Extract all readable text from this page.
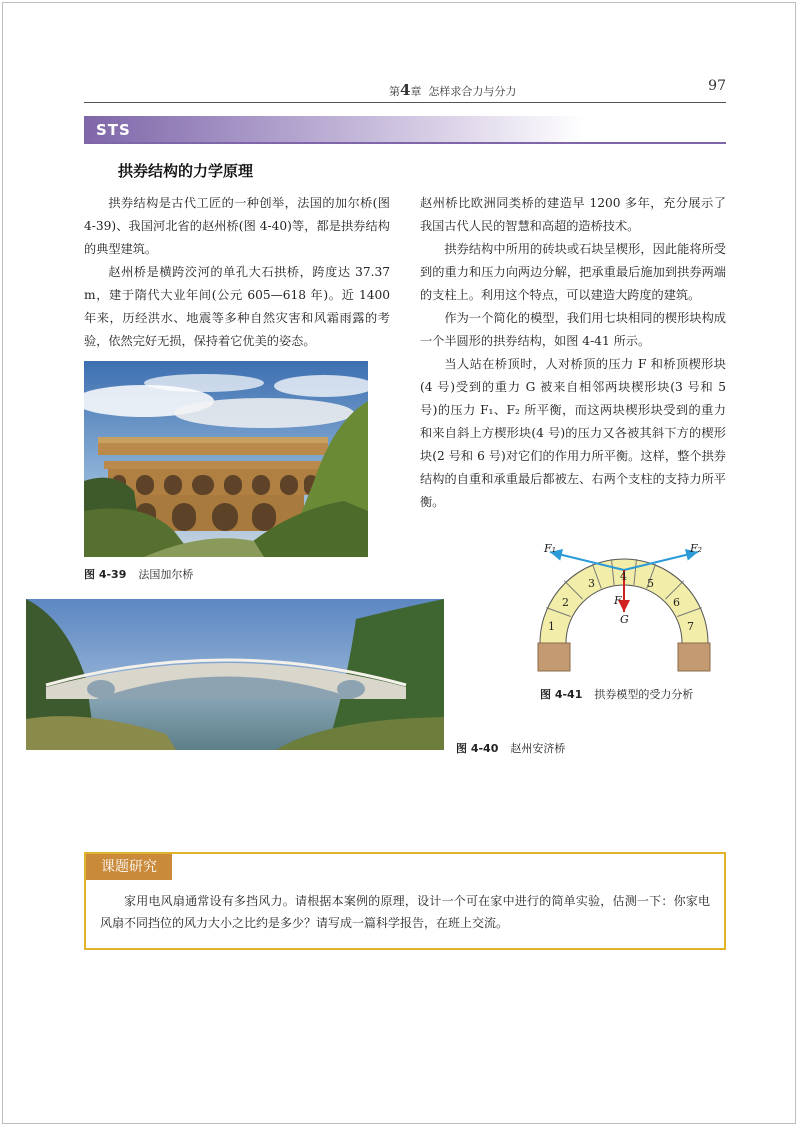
第4章 怎样求合力与分力	97
STS
拱券结构的力学原理

拱券结构是古代工匠的一种创举，法国的加尔桥(图 4-39)、我国河北省的赵州桥(图 4-40)等，都是拱券结构的典型建筑。

赵州桥是横跨洨河的单孔大石拱桥，跨度达 37.37 m，建于隋代大业年间(公元 605—618 年)。近 1400 年来，历经洪水、地震等多种自然灾害和风霜雨露的考验，依然完好无损，保持着它优美的姿态。

赵州桥比欧洲同类桥的建造早 1200 多年，充分展示了我国古代人民的智慧和高超的造桥技术。

拱券结构中所用的砖块或石块呈楔形，因此能将所受到的重力和压力向两边分解，把承重最后施加到拱券两端的支柱上。利用这个特点，可以建造大跨度的建筑。

作为一个简化的模型，我们用七块相同的楔形块构成一个半圆形的拱券结构，如图 4-41 所示。

当人站在桥顶时，人对桥顶的压力 F 和桥顶楔形块(4 号)受到的重力 G 被来自相邻两块楔形块(3 号和 5 号)的压力 F₁、F₂ 所平衡，而这两块楔形块受到的重力和来自斜上方楔形块(4 号)的压力又各被其斜下方的楔形块(2 号和 6 号)对它们的作用力所平衡。这样，整个拱券结构的自重和承重最后都被左、右两个支柱的支持力所平衡。

图 4-39 法国加尔桥
图 4-40 赵州安济桥
1
2
3
4
5
6
7
F₁	F₂
F
G
图 4-41 拱券模型的受力分析
课题研究

家用电风扇通常设有多挡风力。请根据本案例的原理，设计一个可在家中进行的简单实验，估测一下：你家电风扇不同挡位的风力大小之比约是多少？请写成一篇科学报告，在班上交流。
